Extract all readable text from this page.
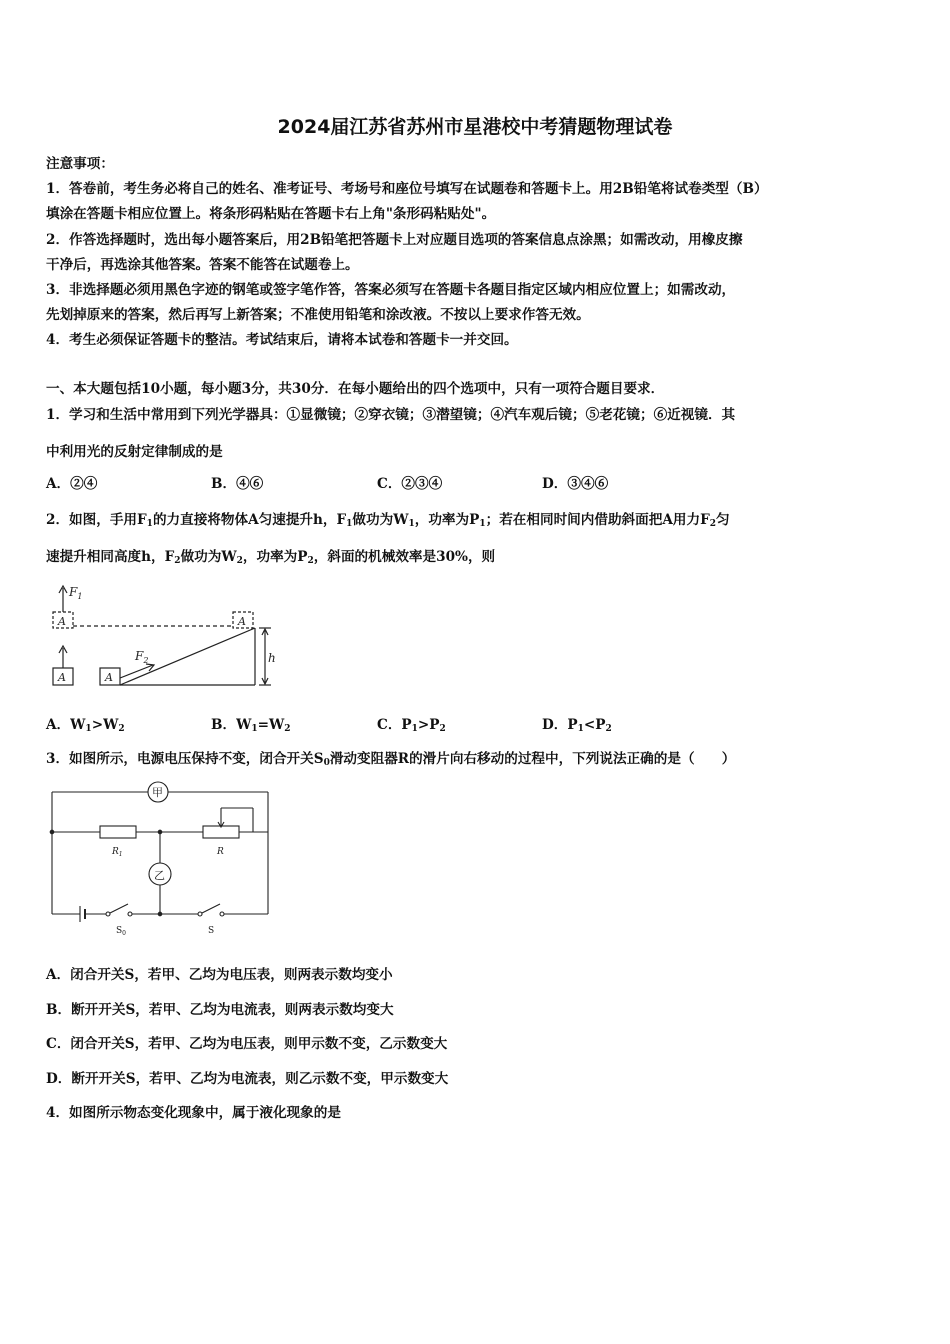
2024届江苏省苏州市星港校中考猜题物理试卷
注意事项：
1．答卷前，考生务必将自己的姓名、准考证号、考场号和座位号填写在试题卷和答题卡上。用2B铅笔将试卷类型（B）
填涂在答题卡相应位置上。将条形码粘贴在答题卡右上角"条形码粘贴处"。
2．作答选择题时，选出每小题答案后，用2B铅笔把答题卡上对应题目选项的答案信息点涂黑；如需改动，用橡皮擦
干净后，再选涂其他答案。答案不能答在试题卷上。
3．非选择题必须用黑色字迹的钢笔或签字笔作答，答案必须写在答题卡各题目指定区域内相应位置上；如需改动，
先划掉原来的答案，然后再写上新答案；不准使用铅笔和涂改液。不按以上要求作答无效。
4．考生必须保证答题卡的整洁。考试结束后，请将本试卷和答题卡一并交回。
一、本大题包括10小题，每小题3分，共30分．在每小题给出的四个选项中，只有一项符合题目要求．
1．学习和生活中常用到下列光学器具：①显微镜；②穿衣镜；③潜望镜；④汽车观后镜；⑤老花镜；⑥近视镜．其
中利用光的反射定律制成的是
A．②④	B．④⑥	C．②③④	D．③④⑥
2．如图，手用$F_1$的力直接将物体A匀速提升h，$F_1$做功为$W_1$，功率为$P_1$；若在相同时间内借助斜面把A用力$F_2$匀
速提升相同高度h，$F_2$做功为$W_2$，功率为$P_2$，斜面的机械效率是30%，则
$F_1$
A	A
A	A
$F_2$	h
A．$W_1>W_2$	B．$W_1=W_2$	C．$P_1>P_2$	D．$P_1<P_2$
3．如图所示，电源电压保持不变，闭合开关$S_0$滑动变阻器R的滑片向右移动的过程中，下列说法正确的是（　　）
甲
乙
$R_1$	R
$S_0$	S
A．闭合开关S，若甲、乙均为电压表，则两表示数均变小
B．断开开关S，若甲、乙均为电流表，则两表示数均变大
C．闭合开关S，若甲、乙均为电压表，则甲示数不变，乙示数变大
D．断开开关S，若甲、乙均为电流表，则乙示数不变，甲示数变大
4．如图所示物态变化现象中，属于液化现象的是
